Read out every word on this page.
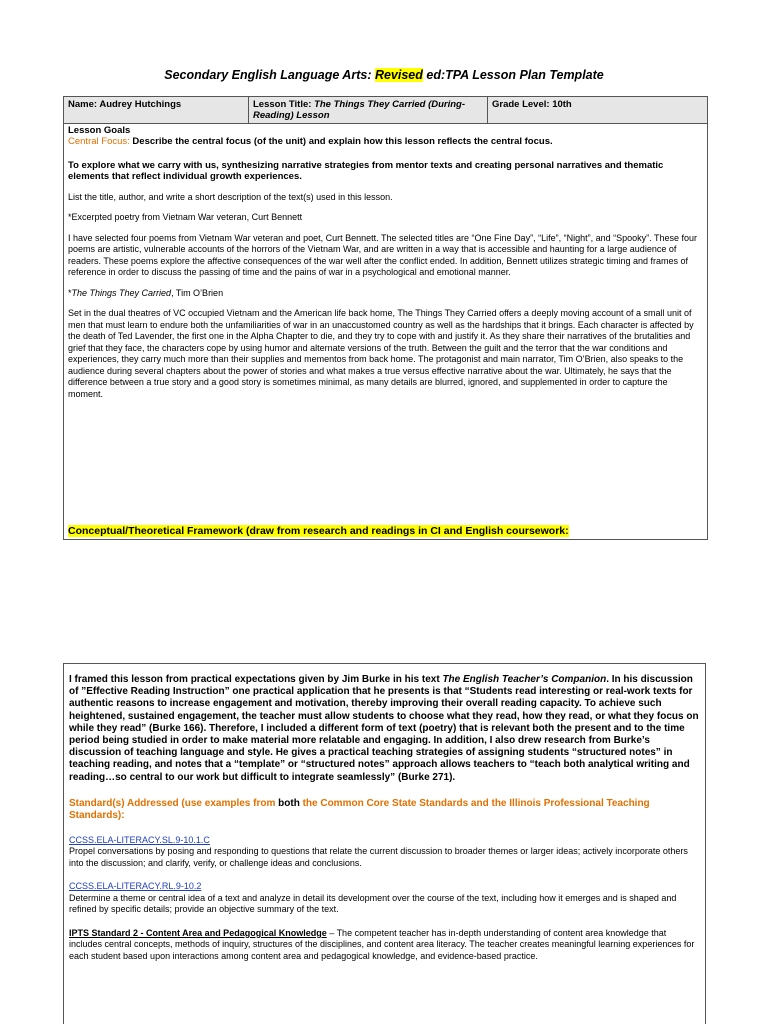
Secondary English Language Arts: Revised ed:TPA Lesson Plan Template
Name: Audrey Hutchings	Lesson Title: The Things They Carried (During-Reading) Lesson	Grade Level: 10th

Lesson Goals

Central Focus: Describe the central focus (of the unit) and explain how this lesson reflects the central focus.

To explore what we carry with us, synthesizing narrative strategies from mentor texts and creating personal narratives and thematic elements that reflect individual growth experiences.

List the title, author, and write a short description of the text(s) used in this lesson.

*Excerpted poetry from Vietnam War veteran, Curt Bennett

I have selected four poems from Vietnam War veteran and poet, Curt Bennett. The selected titles are “One Fine Day”, “Life”, “Night”, and “Spooky”. These four poems are artistic, vulnerable accounts of the horrors of the Vietnam War, and are written in a way that is accessible and haunting for a large audience of readers. These poems explore the affective consequences of the war well after the conflict ended. In addition, Bennett utilizes strategic timing and frames of reference in order to discuss the passing of time and the pains of war in a psychological and emotional manner.

*The Things They Carried, Tim O’Brien

Set in the dual theatres of VC occupied Vietnam and the American life back home, The Things They Carried offers a deeply moving account of a small unit of men that must learn to endure both the unfamiliarities of war in an unaccustomed country as well as the hardships that it brings. Each character is affected by the death of Ted Lavender, the first one in the Alpha Chapter to die, and they try to cope with and justify it. As they share their narratives of the brutalities and grief that they face, the characters cope by using humor and alternate versions of the truth. Between the guilt and the terror that the war conditions and experiences, they carry much more than their supplies and mementos from back home. The protagonist and main narrator, Tim O’Brien, also speaks to the audience during several chapters about the power of stories and what makes a true versus effective narrative about the war. Ultimately, he says that the difference between a true story and a good story is sometimes minimal, as many details are blurred, ignored, and supplemented in order to capture the moment.

Conceptual/Theoretical Framework (draw from research and readings in CI and English coursework:

I framed this lesson from practical expectations given by Jim Burke in his text The English Teacher’s Companion. In his discussion of ”Effective Reading Instruction” one practical application that he presents is that “Students read interesting or real-work texts for authentic reasons to increase engagement and motivation, thereby improving their overall reading capacity. To achieve such heightened, sustained engagement, the teacher must allow students to choose what they read, how they read, or what they focus on while they read” (Burke 166). Therefore, I included a different form of text (poetry) that is relevant both the present and to the time period being studied in order to make material more relatable and engaging. In addition, I also drew research from Burke’s discussion of teaching language and style. He gives a practical teaching strategies of assigning students “structured notes” in teaching reading, and notes that a “template” or “structured notes” approach allows teachers to “teach both analytical writing and reading…so central to our work but difficult to integrate seamlessly” (Burke 271).

Standard(s) Addressed (use examples from both the Common Core State Standards and the Illinois Professional Teaching Standards):

CCSS.ELA-LITERACY.SL.9-10.1.C
Propel conversations by posing and responding to questions that relate the current discussion to broader themes or larger ideas; actively incorporate others into the discussion; and clarify, verify, or challenge ideas and conclusions.
CCSS.ELA-LITERACY.RL.9-10.2
Determine a theme or central idea of a text and analyze in detail its development over the course of the text, including how it emerges and is shaped and refined by specific details; provide an objective summary of the text.
IPTS Standard 2 - Content Area and Pedagogical Knowledge – The competent teacher has in-depth understanding of content area knowledge that includes central concepts, methods of inquiry, structures of the disciplines, and content area literacy. The teacher creates meaningful learning experiences for each student based upon interactions among content area and pedagogical knowledge, and evidence-based practice.
